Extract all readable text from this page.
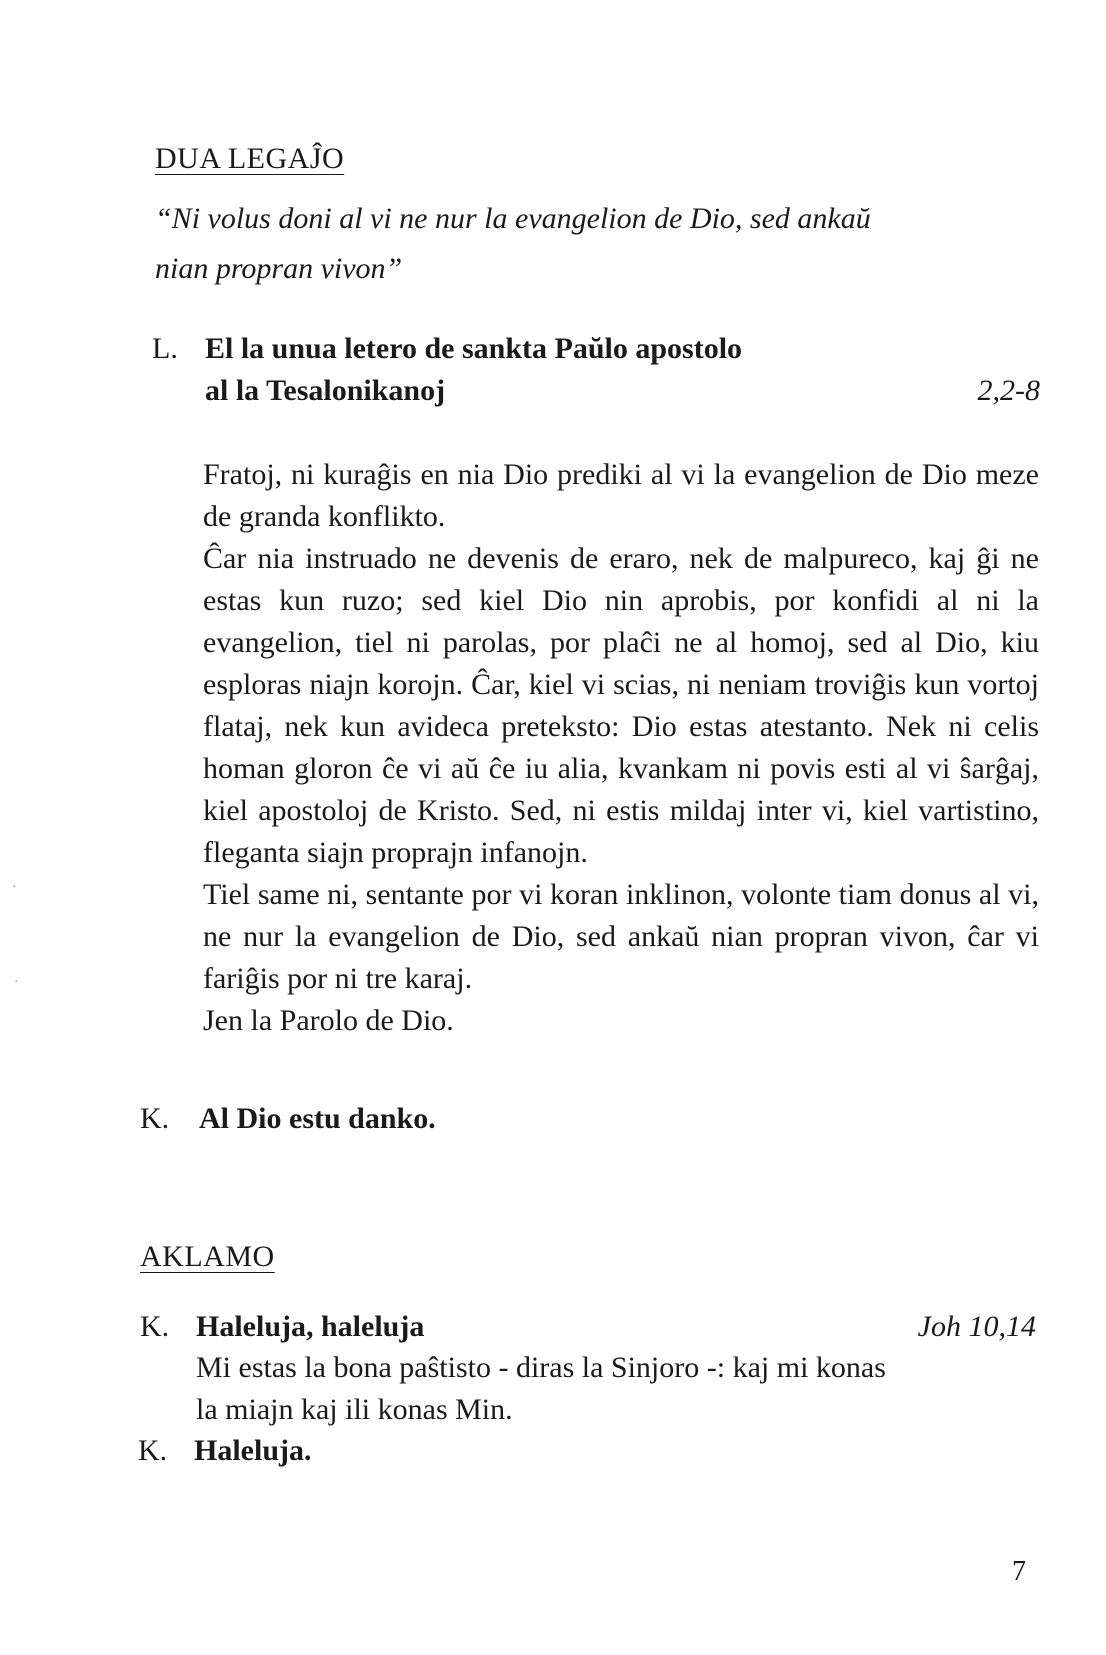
DUA LEGAĴO
“Ni volus doni al vi ne nur la evangelion de Dio, sed ankaŭ
nian propran vivon”
L. El la unua letero de sankta Paŭlo apostolo
al la Tesalonikanoj	2,2-8

Fratoj, ni kuraĝis en nia Dio prediki al vi la evangelion de Dio meze de granda konflikto.

Ĉar nia instruado ne devenis de eraro, nek de malpureco, kaj ĝi ne estas kun ruzo; sed kiel Dio nin aprobis, por konfidi al ni la evangelion, tiel ni parolas, por plaĉi ne al homoj, sed al Dio, kiu esploras niajn korojn. Ĉar, kiel vi scias, ni neniam troviĝis kun vortoj flataj, nek kun avideca preteksto: Dio estas atestanto. Nek ni celis homan gloron ĉe vi aŭ ĉe iu alia, kvankam ni povis esti al vi ŝarĝaj, kiel apostoloj de Kristo. Sed, ni estis mildaj inter vi, kiel vartistino, fleganta siajn proprajn infanojn.

Tiel same ni, sentante por vi koran inklinon, volonte tiam donus al vi, ne nur la evangelion de Dio, sed ankaŭ nian propran vivon, ĉar vi fariĝis por ni tre karaj.

Jen la Parolo de Dio.

K. Al Dio estu danko.
AKLAMO
K. Haleluja, haleluja	Joh 10,14
Mi estas la bona paŝtisto - diras la Sinjoro -: kaj mi konas
la miajn kaj ili konas Min.
K. Haleluja.
7
·
·
